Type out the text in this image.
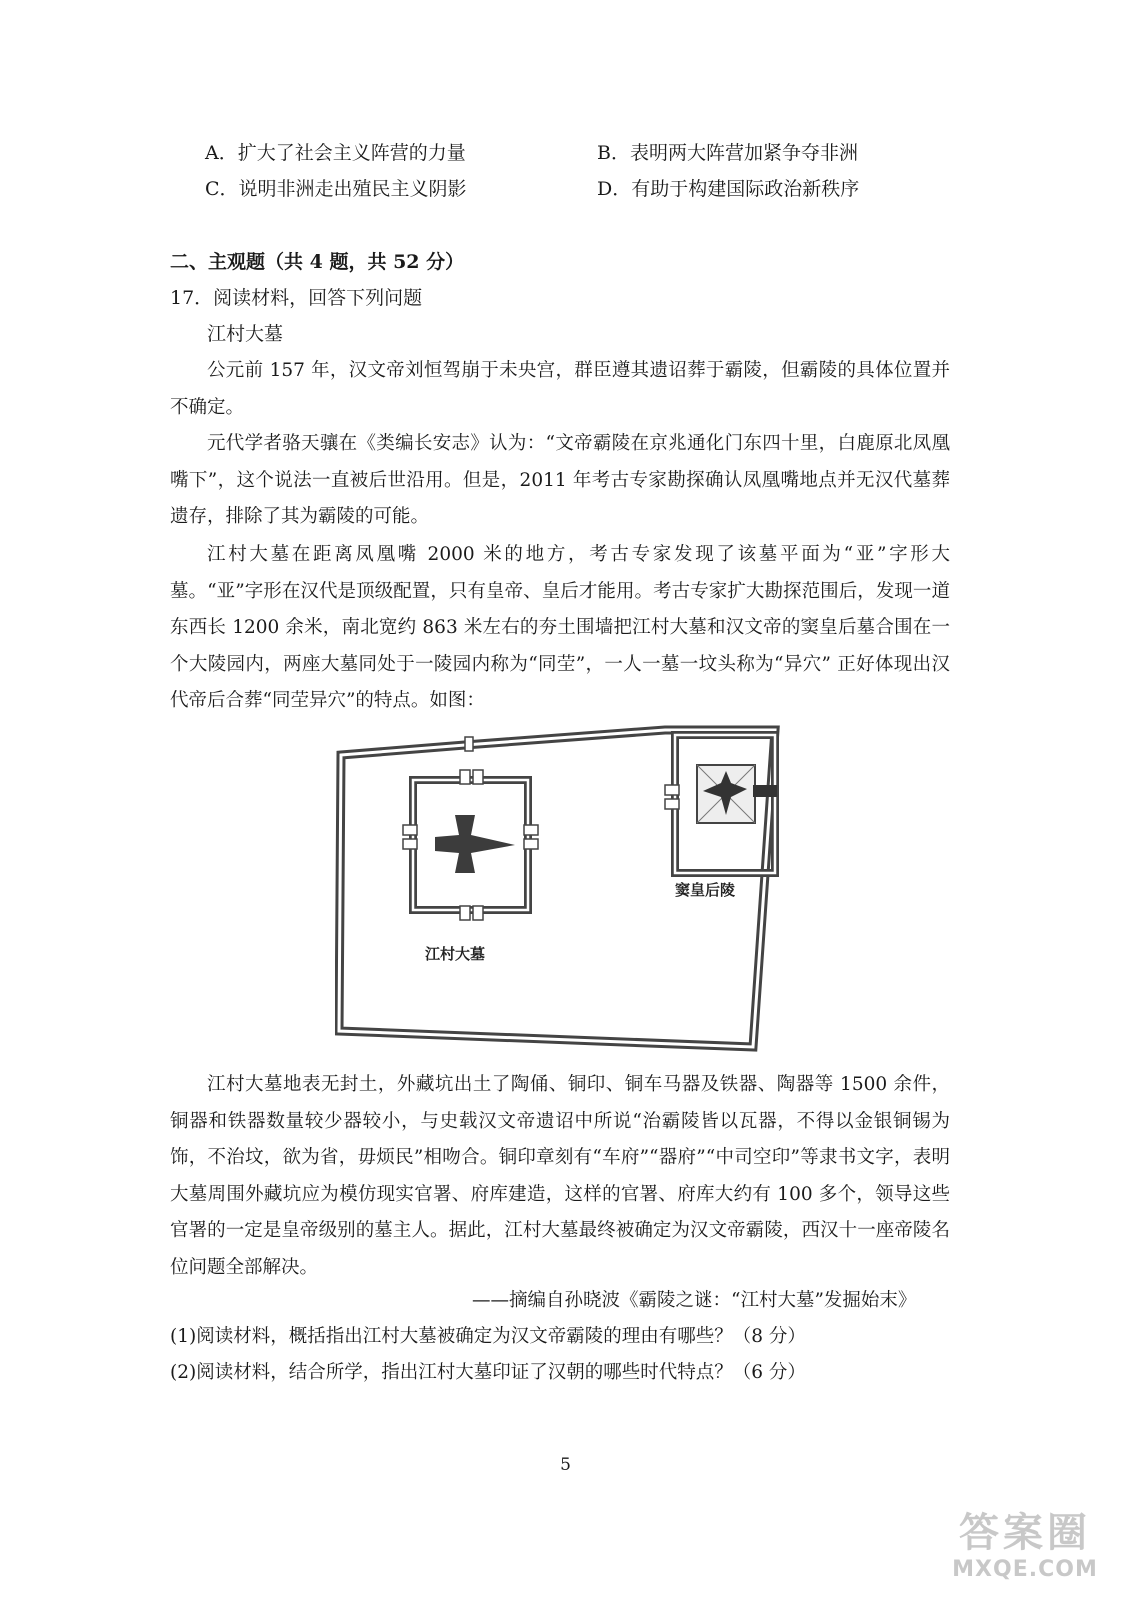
A．扩大了社会主义阵营的力量	B．表明两大阵营加紧争夺非洲
C．说明非洲走出殖民主义阴影	D．有助于构建国际政治新秩序
二、主观题（共 4 题，共 52 分）
17．阅读材料，回答下列问题
江村大墓

公元前 157 年，汉文帝刘恒驾崩于未央宫，群臣遵其遗诏葬于霸陵，但霸陵的具体位置并不确定。

元代学者骆天骧在《类编长安志》认为：“文帝霸陵在京兆通化门东四十里，白鹿原北凤凰嘴下”，这个说法一直被后世沿用。但是，2011 年考古专家勘探确认凤凰嘴地点并无汉代墓葬遗存，排除了其为霸陵的可能。

江村大墓在距离凤凰嘴 2000 米的地方，考古专家发现了该墓平面为“亚”字形大墓。“亚”字形在汉代是顶级配置，只有皇帝、皇后才能用。考古专家扩大勘探范围后，发现一道东西长 1200 余米，南北宽约 863 米左右的夯土围墙把江村大墓和汉文帝的窦皇后墓合围在一个大陵园内，两座大墓同处于一陵园内称为“同茔”，一人一墓一坟头称为“异穴” 正好体现出汉代帝后合葬“同茔异穴”的特点。如图：

江村大墓
窦皇后陵

江村大墓地表无封土，外藏坑出土了陶俑、铜印、铜车马器及铁器、陶器等 1500 余件，铜器和铁器数量较少器较小，与史载汉文帝遗诏中所说“治霸陵皆以瓦器，不得以金银铜锡为饰，不治坟，欲为省，毋烦民”相吻合。铜印章刻有“车府”“器府”“中司空印”等隶书文字，表明大墓周围外藏坑应为模仿现实官署、府库建造，这样的官署、府库大约有 100 多个，领导这些官署的一定是皇帝级别的墓主人。据此，江村大墓最终被确定为汉文帝霸陵，西汉十一座帝陵名位问题全部解决。

——摘编自孙晓波《霸陵之谜：“江村大墓”发掘始末》
(1)阅读材料，概括指出江村大墓被确定为汉文帝霸陵的理由有哪些？（8 分）
(2)阅读材料，结合所学，指出江村大墓印证了汉朝的哪些时代特点？（6 分）
5
答案圈
MXQE.COM
